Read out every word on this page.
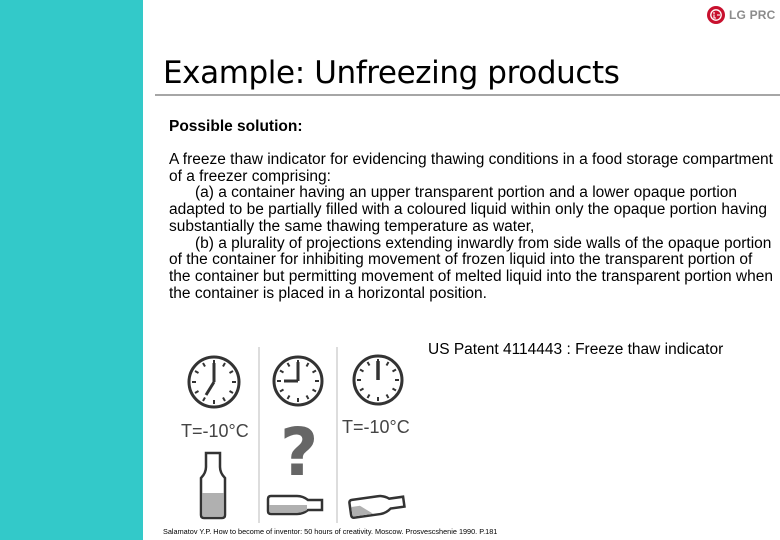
LG PRC
Example: Unfreezing products
Possible solution:

A freeze thaw indicator for evidencing thawing conditions in a food storage compartment of a freezer comprising:

(a) a container having an upper transparent portion and a lower opaque portion adapted to be partially filled with a coloured liquid within only the opaque portion having substantially the same thawing temperature as water,

(b) a plurality of projections extending inwardly from side walls of the opaque portion of the container for inhibiting movement of frozen liquid into the transparent portion of the container but permitting movement of melted liquid into the transparent portion when the container is placed in a horizontal position.

US Patent 4114443 : Freeze thaw indicator
T=-10°C	T=-10°C
?
Salamatov Y.P. How to become of inventor: 50 hours of creativity. Moscow. Prosvescshenie 1990. P.181
